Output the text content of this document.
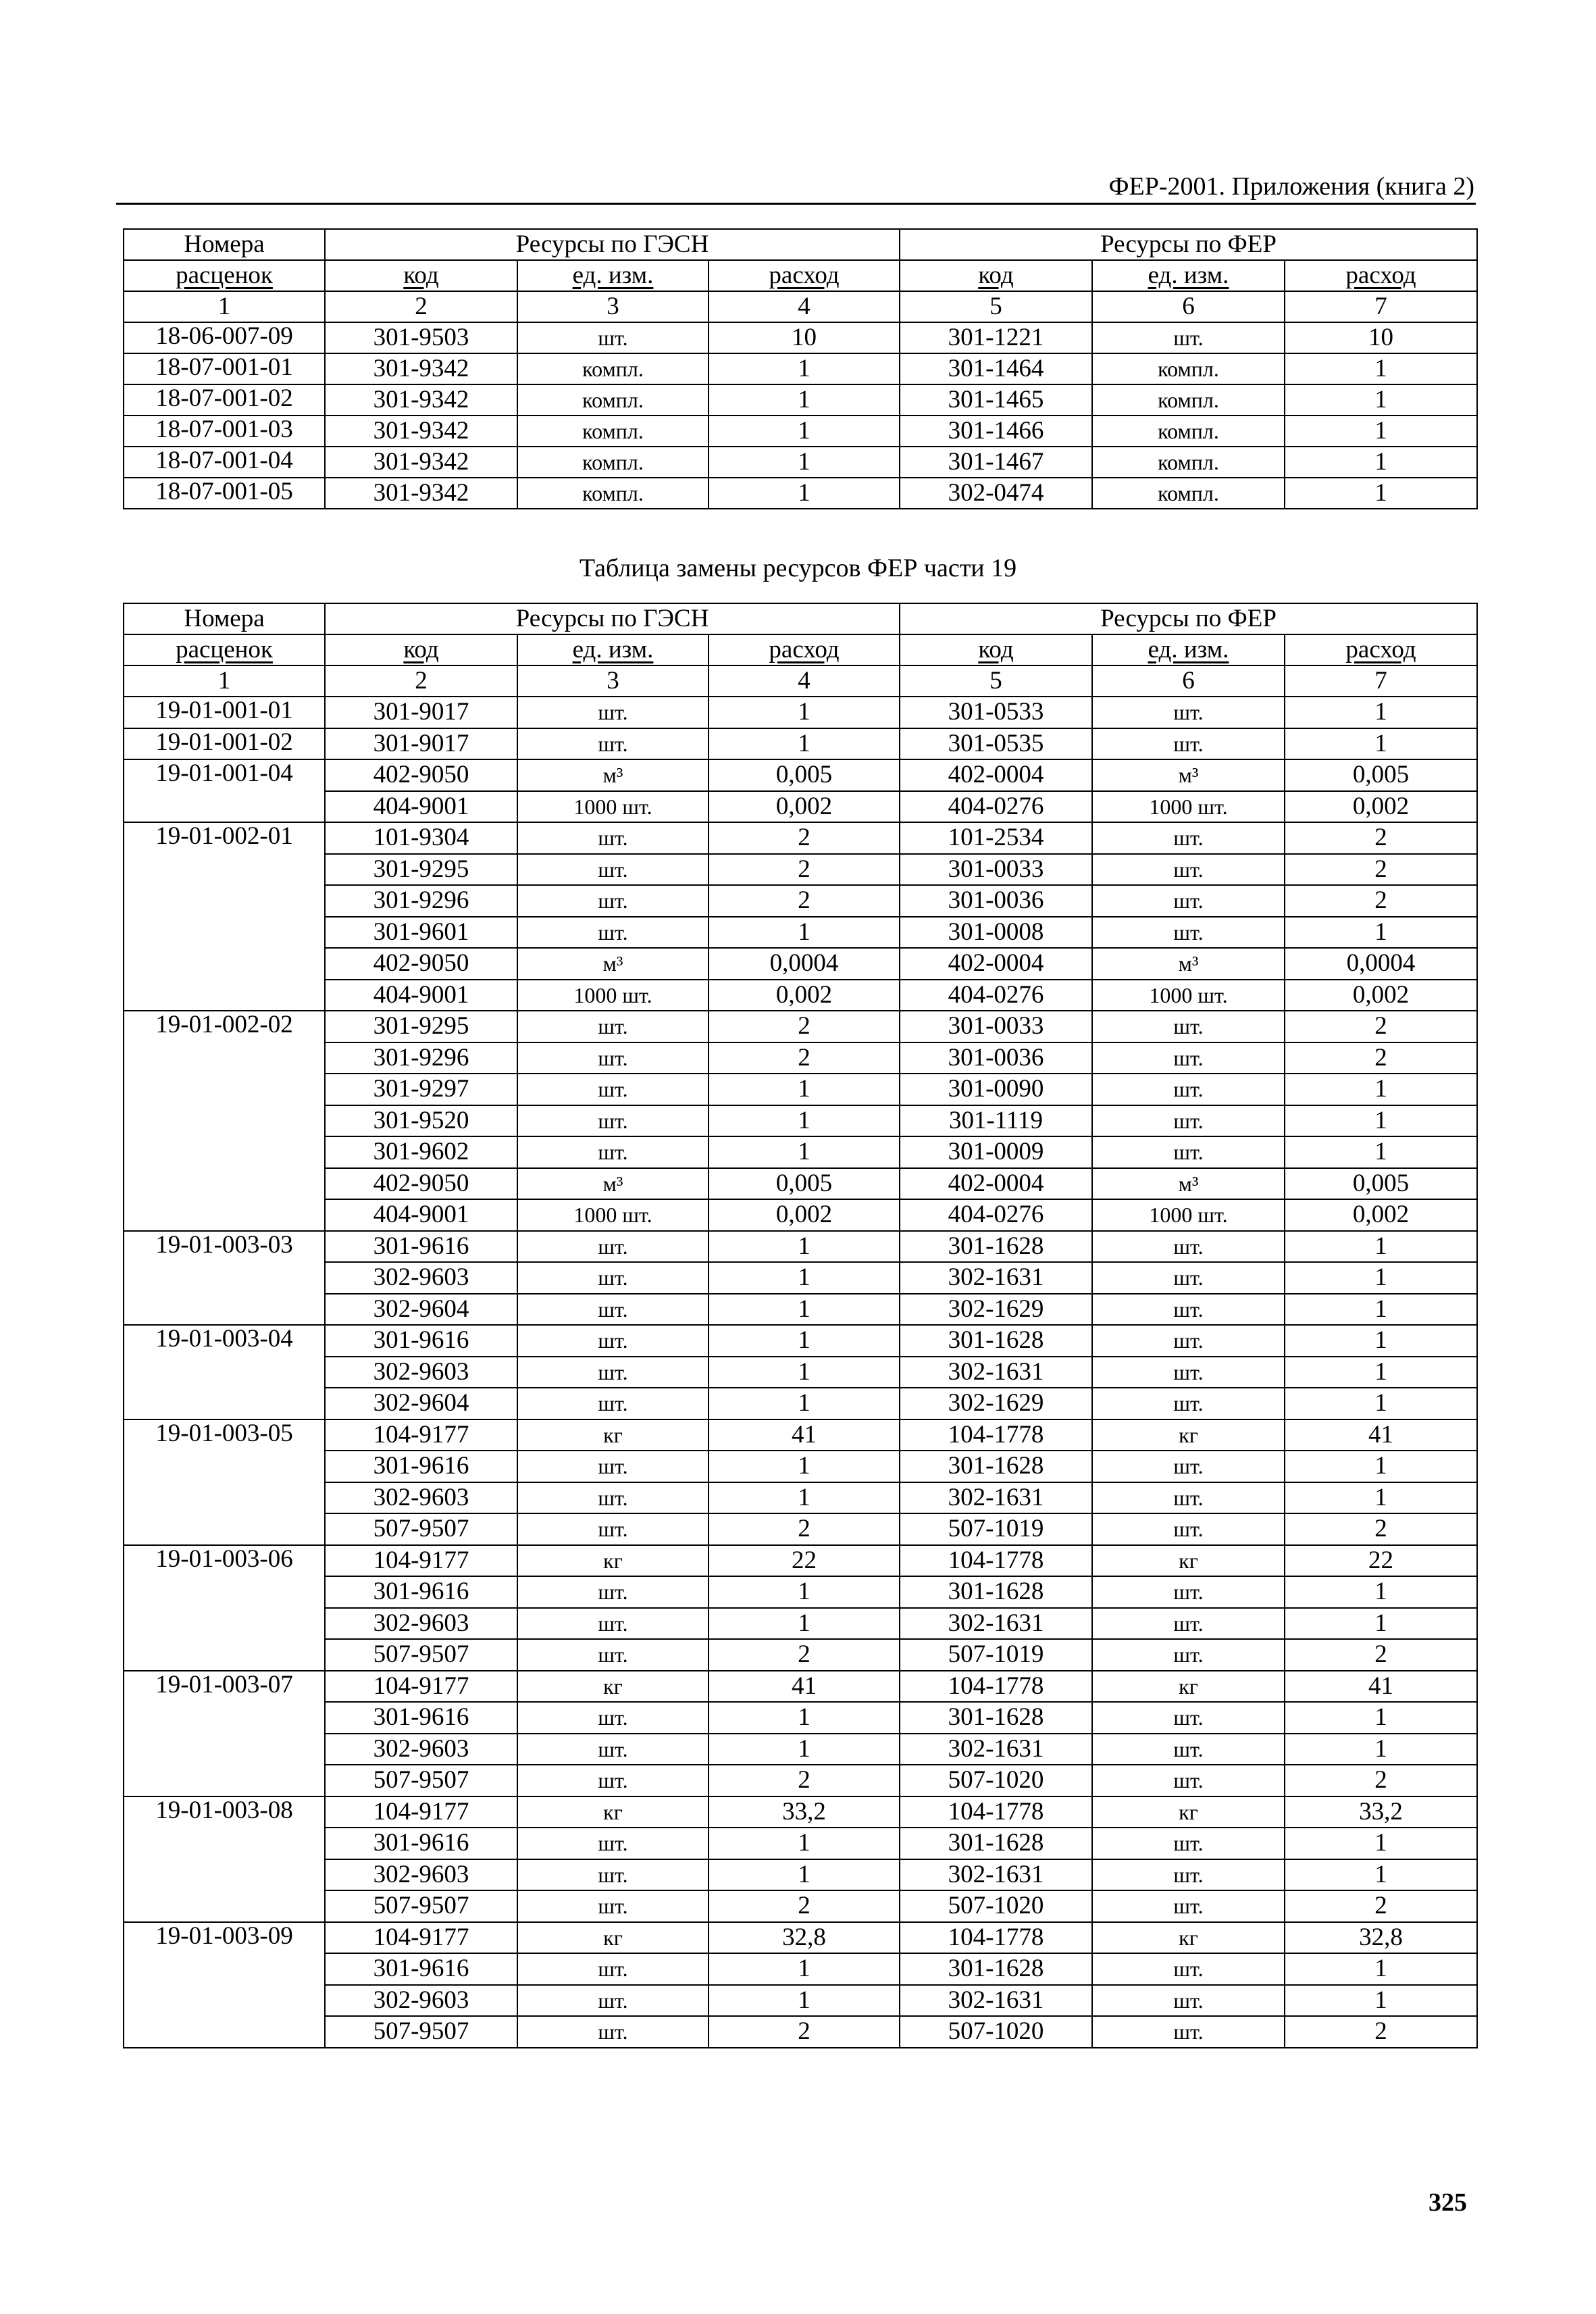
ФЕР-2001. Приложения (книга 2)
Номера	Ресурсы по ГЭСН			Ресурсы по ФЕР		
расценок	код	ед. изм.	расход	код	ед. изм.	расход
1	2	3	4	5	6	7
18-06-007-09	301-9503	шт.	10	301-1221	шт.	10
18-07-001-01	301-9342	компл.	1	301-1464	компл.	1
18-07-001-02	301-9342	компл.	1	301-1465	компл.	1
18-07-001-03	301-9342	компл.	1	301-1466	компл.	1
18-07-001-04	301-9342	компл.	1	301-1467	компл.	1
18-07-001-05	301-9342	компл.	1	302-0474	компл.	1
Таблица замены ресурсов ФЕР части 19
Номера	Ресурсы по ГЭСН			Ресурсы по ФЕР		
расценок	код	ед. изм.	расход	код	ед. изм.	расход
1	2	3	4	5	6	7
19-01-001-01	301-9017	шт.	1	301-0533	шт.	1
19-01-001-02	301-9017	шт.	1	301-0535	шт.	1
19-01-001-04	402-9050	м³	0,005	402-0004	м³	0,005
	404-9001	1000 шт.	0,002	404-0276	1000 шт.	0,002
19-01-002-01	101-9304	шт.	2	101-2534	шт.	2
	301-9295	шт.	2	301-0033	шт.	2
	301-9296	шт.	2	301-0036	шт.	2
	301-9601	шт.	1	301-0008	шт.	1
	402-9050	м³	0,0004	402-0004	м³	0,0004
	404-9001	1000 шт.	0,002	404-0276	1000 шт.	0,002
19-01-002-02	301-9295	шт.	2	301-0033	шт.	2
	301-9296	шт.	2	301-0036	шт.	2
	301-9297	шт.	1	301-0090	шт.	1
	301-9520	шт.	1	301-1119	шт.	1
	301-9602	шт.	1	301-0009	шт.	1
	402-9050	м³	0,005	402-0004	м³	0,005
	404-9001	1000 шт.	0,002	404-0276	1000 шт.	0,002
19-01-003-03	301-9616	шт.	1	301-1628	шт.	1
	302-9603	шт.	1	302-1631	шт.	1
	302-9604	шт.	1	302-1629	шт.	1
19-01-003-04	301-9616	шт.	1	301-1628	шт.	1
	302-9603	шт.	1	302-1631	шт.	1
	302-9604	шт.	1	302-1629	шт.	1
19-01-003-05	104-9177	кг	41	104-1778	кг	41
	301-9616	шт.	1	301-1628	шт.	1
	302-9603	шт.	1	302-1631	шт.	1
	507-9507	шт.	2	507-1019	шт.	2
19-01-003-06	104-9177	кг	22	104-1778	кг	22
	301-9616	шт.	1	301-1628	шт.	1
	302-9603	шт.	1	302-1631	шт.	1
	507-9507	шт.	2	507-1019	шт.	2
19-01-003-07	104-9177	кг	41	104-1778	кг	41
	301-9616	шт.	1	301-1628	шт.	1
	302-9603	шт.	1	302-1631	шт.	1
	507-9507	шт.	2	507-1020	шт.	2
19-01-003-08	104-9177	кг	33,2	104-1778	кг	33,2
	301-9616	шт.	1	301-1628	шт.	1
	302-9603	шт.	1	302-1631	шт.	1
	507-9507	шт.	2	507-1020	шт.	2
19-01-003-09	104-9177	кг	32,8	104-1778	кг	32,8
	301-9616	шт.	1	301-1628	шт.	1
	302-9603	шт.	1	302-1631	шт.	1
	507-9507	шт.	2	507-1020	шт.	2
325
